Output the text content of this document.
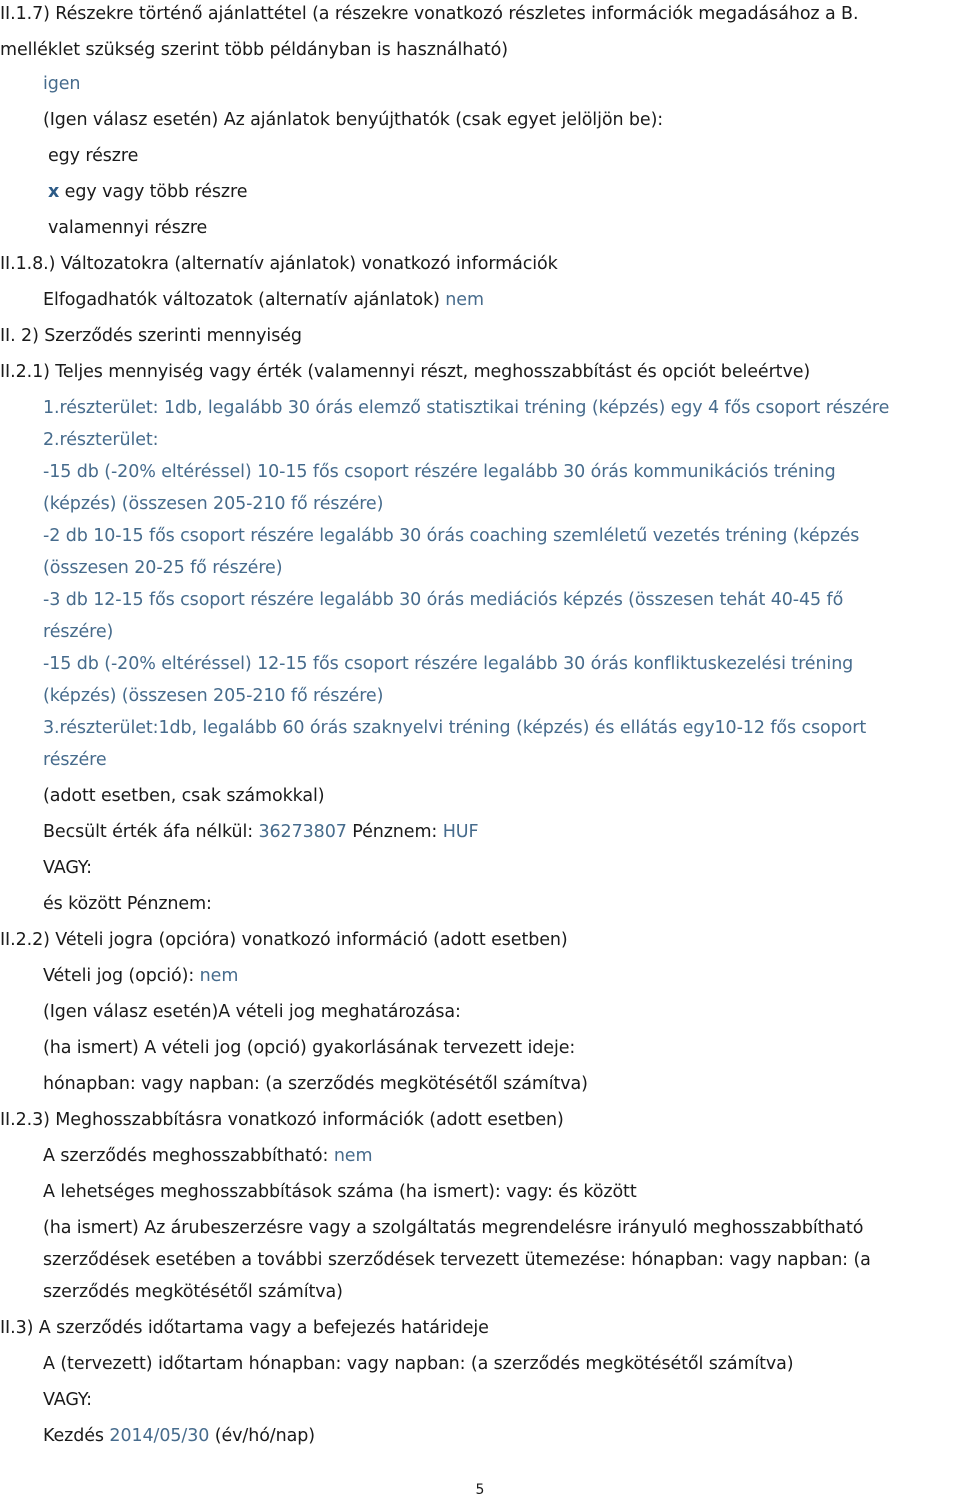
II.1.7) Részekre történő ajánlattétel (a részekre vonatkozó részletes információk megadásához a B.
melléklet szükség szerint több példányban is használható)
igen
(Igen válasz esetén) Az ajánlatok benyújthatók (csak egyet jelöljön be):
egy részre
x egy vagy több részre
valamennyi részre
II.1.8.) Változatokra (alternatív ajánlatok) vonatkozó információk
Elfogadhatók változatok (alternatív ajánlatok) nem
II. 2) Szerződés szerinti mennyiség
II.2.1) Teljes mennyiség vagy érték (valamennyi részt, meghosszabbítást és opciót beleértve)
1.részterület: 1db, legalább 30 órás elemző statisztikai tréning (képzés) egy 4 fős csoport részére
2.részterület:
-15 db (-20% eltéréssel) 10-15 fős csoport részére legalább 30 órás kommunikációs tréning
(képzés) (összesen 205-210 fő részére)
-2 db 10-15 fős csoport részére legalább 30 órás coaching szemléletű vezetés tréning (képzés
(összesen 20-25 fő részére)
-3 db 12-15 fős csoport részére legalább 30 órás mediációs képzés (összesen tehát 40-45 fő
részére)
-15 db (-20% eltéréssel) 12-15 fős csoport részére legalább 30 órás konfliktuskezelési tréning
(képzés) (összesen 205-210 fő részére)
3.részterület:1db, legalább 60 órás szaknyelvi tréning (képzés) és ellátás egy10-12 fős csoport
részére
(adott esetben, csak számokkal)
Becsült érték áfa nélkül: 36273807 Pénznem: HUF
VAGY:
és között Pénznem:
II.2.2) Vételi jogra (opcióra) vonatkozó információ (adott esetben)
Vételi jog (opció): nem
(Igen válasz esetén)A vételi jog meghatározása:
(ha ismert) A vételi jog (opció) gyakorlásának tervezett ideje:
hónapban: vagy napban: (a szerződés megkötésétől számítva)
II.2.3) Meghosszabbításra vonatkozó információk (adott esetben)
A szerződés meghosszabbítható: nem
A lehetséges meghosszabbítások száma (ha ismert): vagy: és között
(ha ismert) Az árubeszerzésre vagy a szolgáltatás megrendelésre irányuló meghosszabbítható
szerződések esetében a további szerződések tervezett ütemezése: hónapban: vagy napban: (a
szerződés megkötésétől számítva)
II.3) A szerződés időtartama vagy a befejezés határideje
A (tervezett) időtartam hónapban: vagy napban: (a szerződés megkötésétől számítva)
VAGY:
Kezdés 2014/05/30 (év/hó/nap)
5
